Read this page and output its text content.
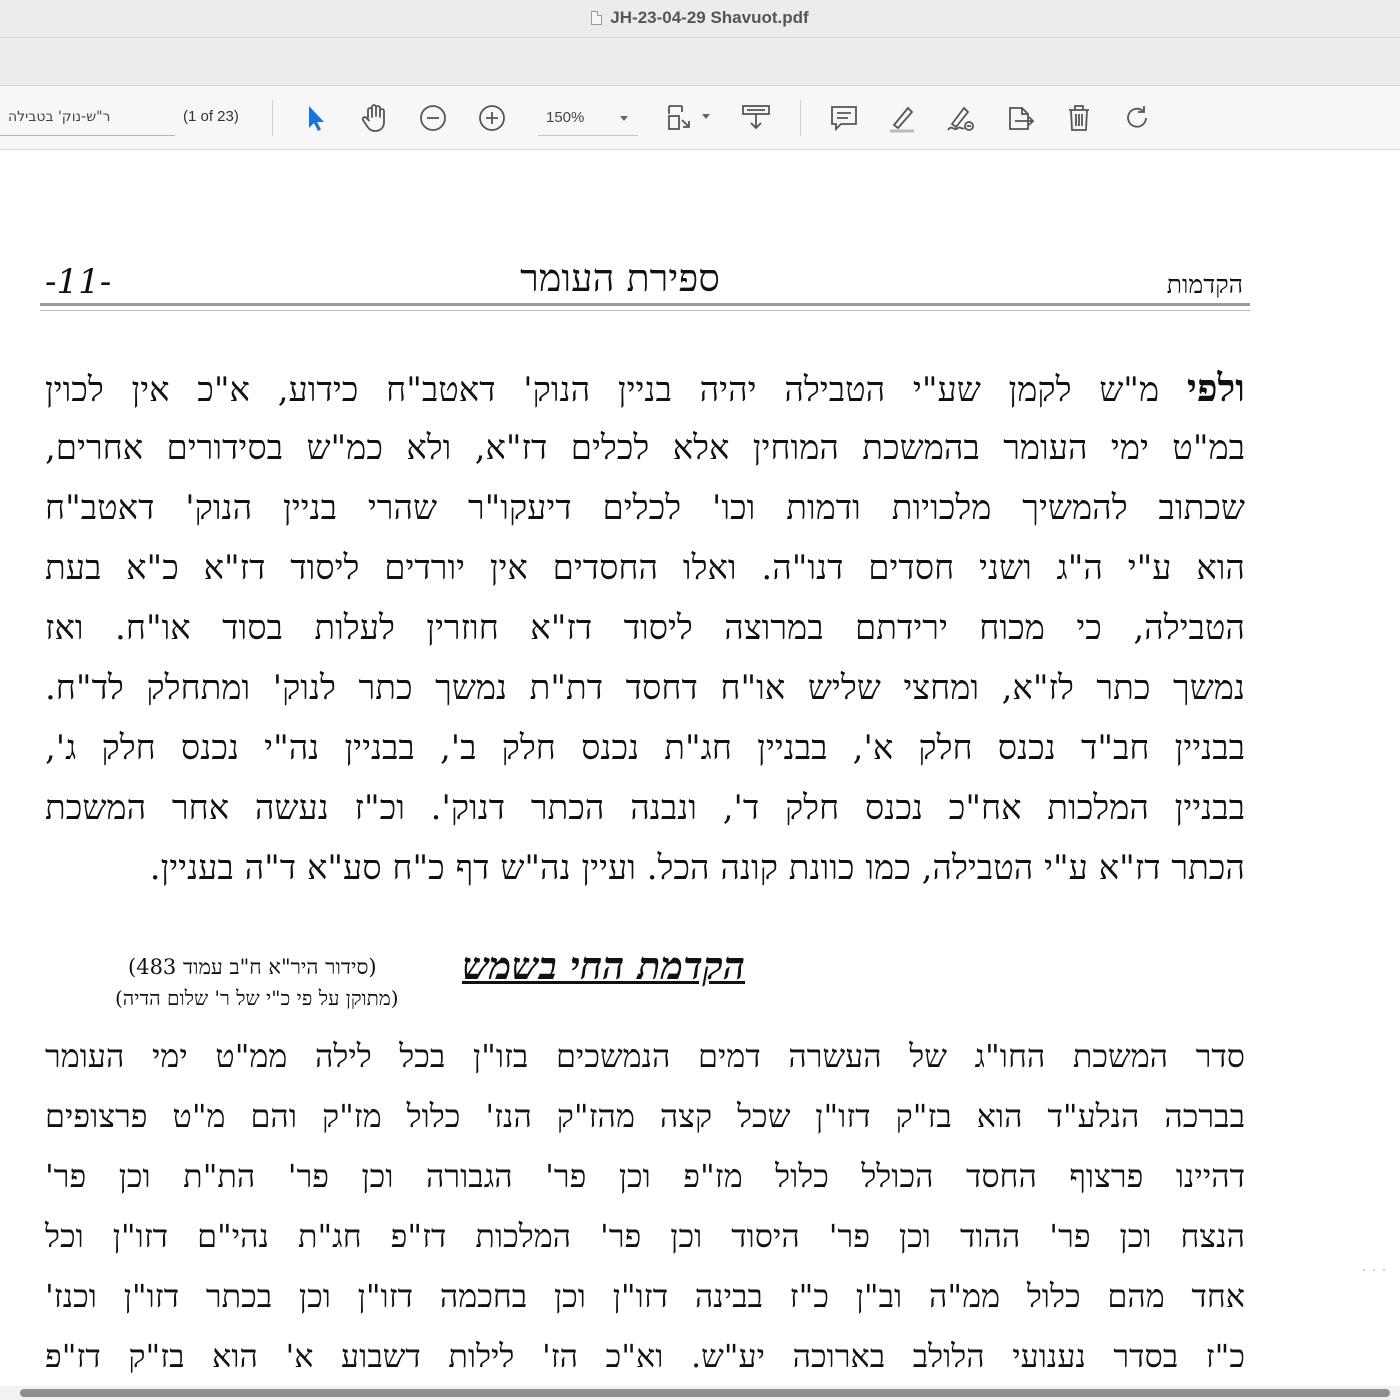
JH-23-04-29 Shavuot.pdf
ר"ש-נוק' בטבילה	(1 of 23)	150%
-11-	ספירת העומר	הקדמות
ולפי מ"ש לקמן שע"י הטבילה יהיה בניין הנוק' דאטב"ח כידוע, א"כ אין לכוין
במ"ט ימי העומר בהמשכת המוחין אלא לכלים דז"א, ולא כמ"ש בסידורים אחרים,
שכתוב להמשיך מלכויות ודמות וכו' לכלים דיעקו"ר שהרי בניין הנוק' דאטב"ח
הוא ע"י ה"ג ושני חסדים דנו"ה. ואלו החסדים אין יורדים ליסוד דז"א כ"א בעת
הטבילה, כי מכוח ירידתם במרוצה ליסוד דז"א חוזרין לעלות בסוד או"ח. ואז
נמשך כתר לז"א, ומחצי שליש או"ח דחסד דת"ת נמשך כתר לנוק' ומתחלק לד"ח.
בבניין חב"ד נכנס חלק א', בבניין חג"ת נכנס חלק ב', בבניין נה"י נכנס חלק ג',
בבניין המלכות אח"כ נכנס חלק ד', ונבנה הכתר דנוק'. וכ"ז נעשה אחר המשכת
הכתר דז"א ע"י הטבילה, כמו כוונת קונה הכל. ועיין נה"ש דף כ"ח סע"א ד"ה בעניין.
הקדמת החי בשמש
(סידור היר"א ח"ב עמוד 483)
(מתוקן על פי כ"י של ר' שלום הדיה)
סדר המשכת החו"ג של העשרה דמים הנמשכים בזו"ן בכל לילה ממ"ט ימי העומר
בברכה הנלע"ד הוא בז"ק דזו"ן שכל קצה מהז"ק הנז' כלול מז"ק והם מ"ט פרצופים
דהיינו פרצוף החסד הכולל כלול מז"פ וכן פר' הגבורה וכן פר' הת"ת וכן פר'
הנצח וכן פר' ההוד וכן פר' היסוד וכן פר' המלכות דז"פ חג"ת נהי"ם דזו"ן וכל
אחד מהם כלול ממ"ה וב"ן כ"ז בבינה דזו"ן וכן בחכמה דזו"ן וכן בכתר דזו"ן וכנז'
כ"ז בסדר נענועי הלולב בארוכה יע"ש. וא"כ הז' לילות דשבוע א' הוא בז"ק דז"פ
···
